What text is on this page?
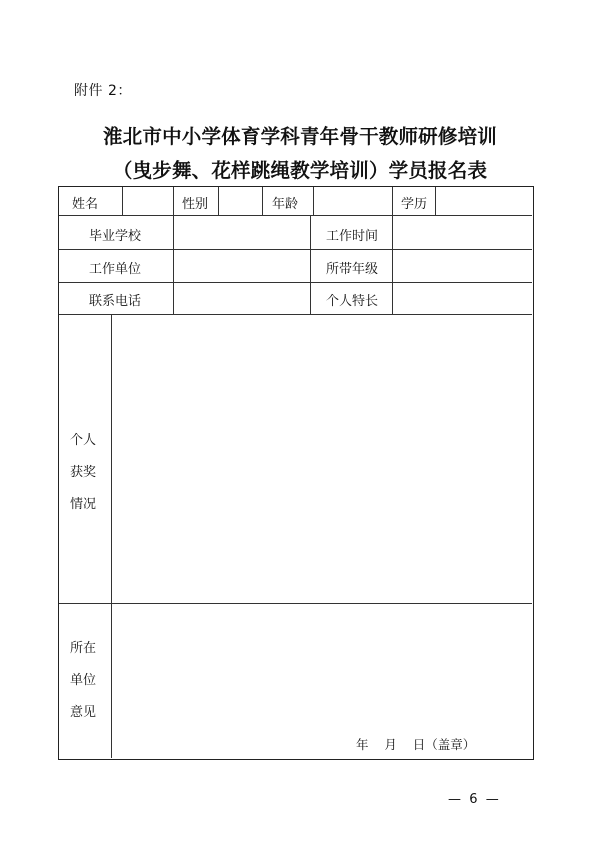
附件 2：
淮北市中小学体育学科青年骨干教师研修培训
（曳步舞、花样跳绳教学培训）学员报名表
姓名	性别	年龄	学历
毕业学校	工作时间
工作单位	所带年级
联系电话	个人特长
个人
获奖
情况
所在
单位
意见
年    月    日（盖章）
—  6  —
